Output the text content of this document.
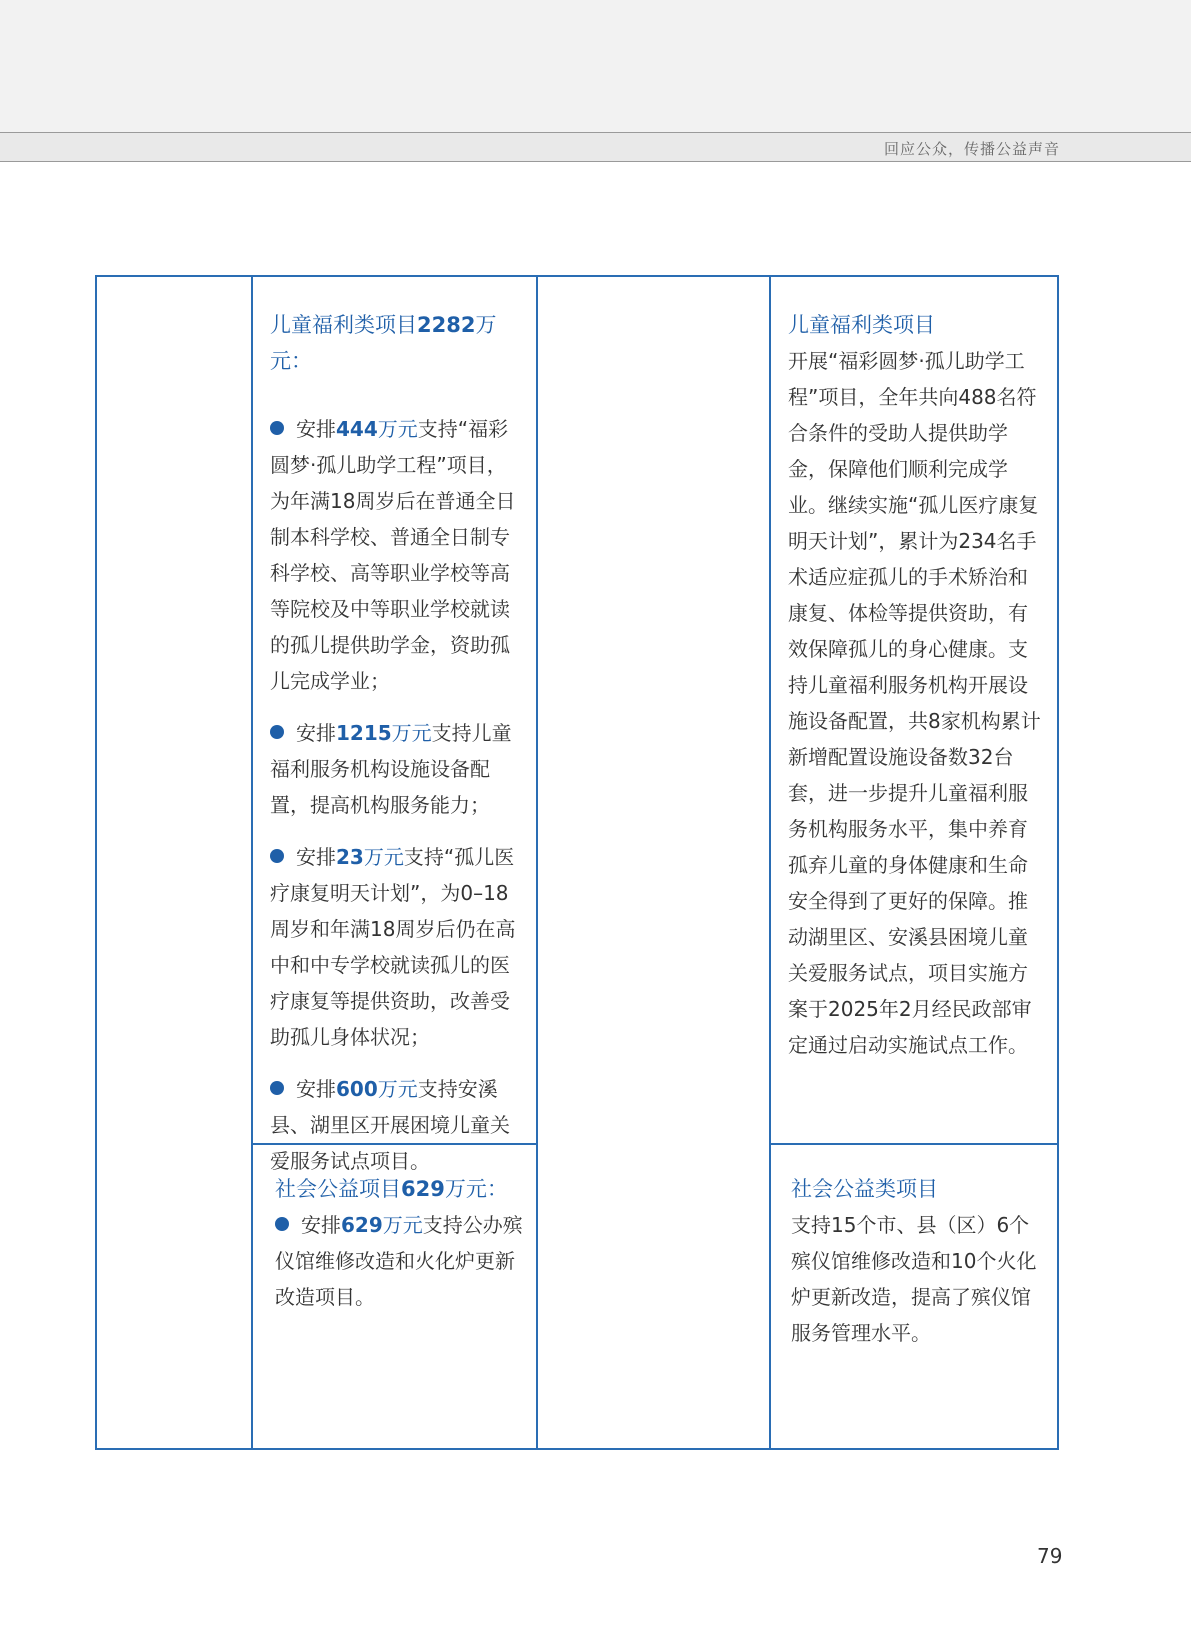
回应公众，传播公益声音
儿童福利类项目2282万元：
安排444万元支持“福彩圆梦·孤儿助学工程”项目，为年满18周岁后在普通全日制本科学校、普通全日制专科学校、高等职业学校等高等院校及中等职业学校就读的孤儿提供助学金，资助孤儿完成学业；
安排1215万元支持儿童福利服务机构设施设备配置，提高机构服务能力；
安排23万元支持“孤儿医疗康复明天计划”，为0–18周岁和年满18周岁后仍在高中和中专学校就读孤儿的医疗康复等提供资助，改善受助孤儿身体状况；
安排600万元支持安溪县、湖里区开展困境儿童关爱服务试点项目。
社会公益项目629万元：
安排629万元支持公办殡仪馆维修改造和火化炉更新改造项目。
儿童福利类项目

开展“福彩圆梦·孤儿助学工程”项目，全年共向488名符合条件的受助人提供助学金，保障他们顺利完成学业。继续实施“孤儿医疗康复明天计划”，累计为234名手术适应症孤儿的手术矫治和康复、体检等提供资助，有效保障孤儿的身心健康。支持儿童福利服务机构开展设施设备配置，共8家机构累计新增配置设施设备数32台套，进一步提升儿童福利服务机构服务水平，集中养育孤弃儿童的身体健康和生命安全得到了更好的保障。推动湖里区、安溪县困境儿童关爱服务试点，项目实施方案于2025年2月经民政部审定通过启动实施试点工作。

社会公益类项目

支持15个市、县（区）6个殡仪馆维修改造和10个火化炉更新改造，提高了殡仪馆服务管理水平。

79
